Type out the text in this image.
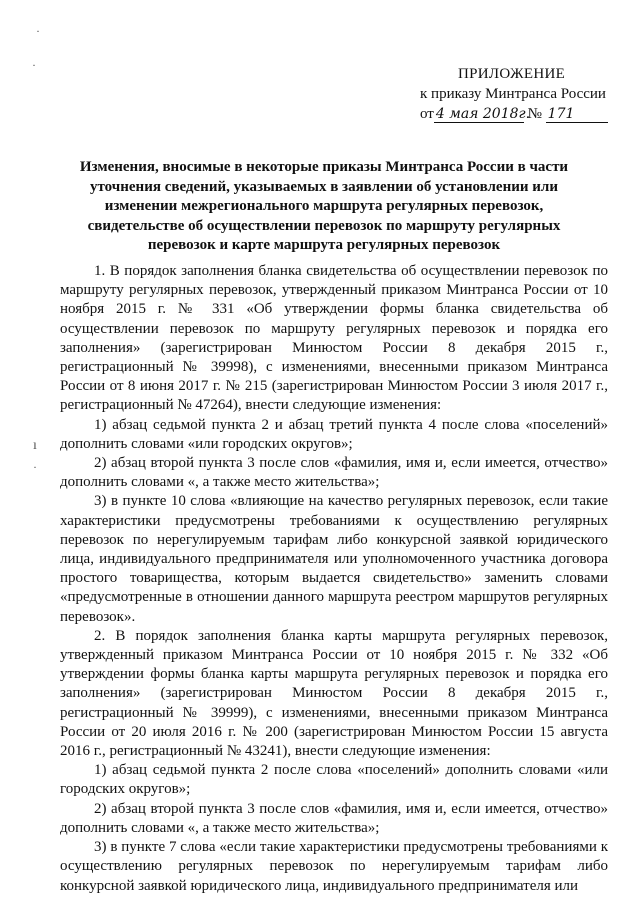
·
·
ı
·
ПРИЛОЖЕНИЕ
к приказу Минтранса России
от 4 мая 2018г. № 171
Изменения, вносимые в некоторые приказы Минтранса России в части уточнения сведений, указываемых в заявлении об установлении или изменении межрегионального маршрута регулярных перевозок, свидетельстве об осуществлении перевозок по маршруту регулярных перевозок и карте маршрута регулярных перевозок

1. В порядок заполнения бланка свидетельства об осуществлении перевозок по маршруту регулярных перевозок, утвержденный приказом Минтранса России от 10 ноября 2015 г. № 331 «Об утверждении формы бланка свидетельства об осуществлении перевозок по маршруту регулярных перевозок и порядка его заполнения» (зарегистрирован Минюстом России 8 декабря 2015 г., регистрационный № 39998), с изменениями, внесенными приказом Минтранса России от 8 июня 2017 г. № 215 (зарегистрирован Минюстом России 3 июля 2017 г., регистрационный № 47264), внести следующие изменения:

1) абзац седьмой пункта 2 и абзац третий пункта 4 после слова «поселений» дополнить словами «или городских округов»;

2) абзац второй пункта 3 после слов «фамилия, имя и, если имеется, отчество» дополнить словами «, а также место жительства»;

3) в пункте 10 слова «влияющие на качество регулярных перевозок, если такие характеристики предусмотрены требованиями к осуществлению регулярных перевозок по нерегулируемым тарифам либо конкурсной заявкой юридического лица, индивидуального предпринимателя или уполномоченного участника договора простого товарищества, которым выдается свидетельство» заменить словами «предусмотренные в отношении данного маршрута реестром маршрутов регулярных перевозок».

2. В порядок заполнения бланка карты маршрута регулярных перевозок, утвержденный приказом Минтранса России от 10 ноября 2015 г. № 332 «Об утверждении формы бланка карты маршрута регулярных перевозок и порядка его заполнения» (зарегистрирован Минюстом России 8 декабря 2015 г., регистрационный № 39999), с изменениями, внесенными приказом Минтранса России от 20 июля 2016 г. № 200 (зарегистрирован Минюстом России 15 августа 2016 г., регистрационный № 43241), внести следующие изменения:

1) абзац седьмой пункта 2 после слова «поселений» дополнить словами «или городских округов»;

2) абзац второй пункта 3 после слов «фамилия, имя и, если имеется, отчество» дополнить словами «, а также место жительства»;

3) в пункте 7 слова «если такие характеристики предусмотрены требованиями к осуществлению регулярных перевозок по нерегулируемым тарифам либо конкурсной заявкой юридического лица, индивидуального предпринимателя или
